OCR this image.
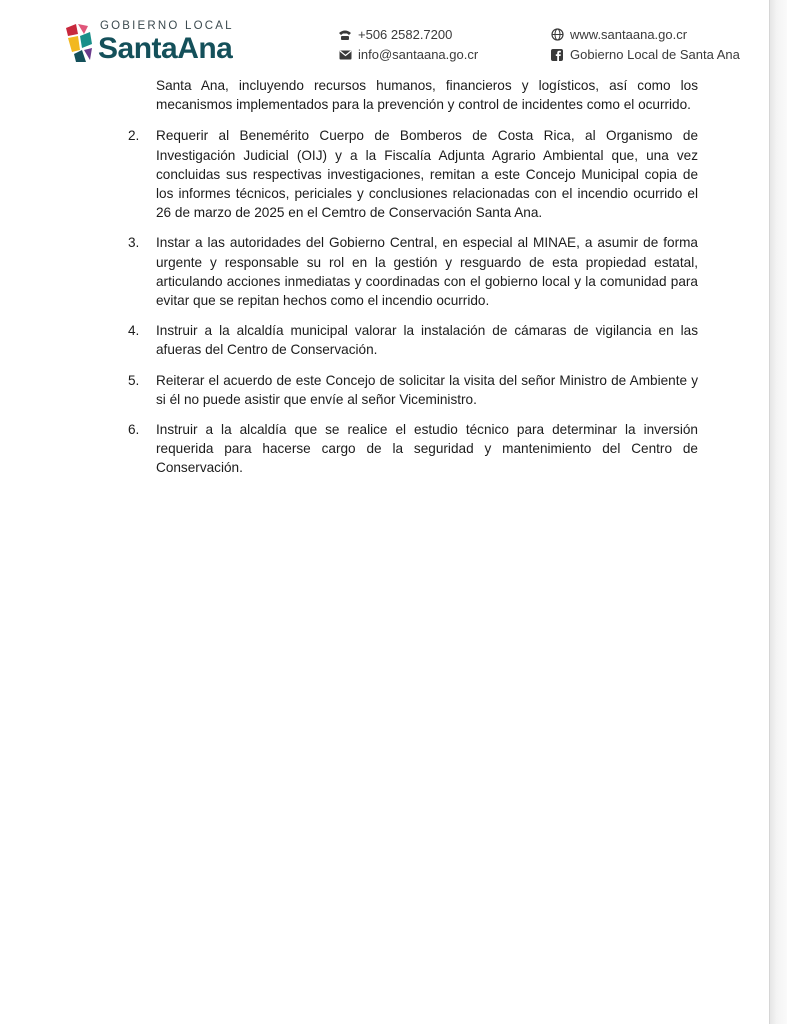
GOBIERNO LOCAL
SantaAna	+506 2582.7200
info@santaana.go.cr
www.santaana.go.cr
Gobierno Local de Santa Ana

Santa Ana, incluyendo recursos humanos, financieros y logísticos, así como los mecanismos implementados para la prevención y control de incidentes como el ocurrido.

2.	Requerir al Benemérito Cuerpo de Bomberos de Costa Rica, al Organismo de Investigación Judicial (OIJ) y a la Fiscalía Adjunta Agrario Ambiental que, una vez concluidas sus respectivas investigaciones, remitan a este Concejo Municipal copia de los informes técnicos, periciales y conclusiones relacionadas con el incendio ocurrido el 26 de marzo de 2025 en el Cemtro de Conservación Santa Ana.

3.	Instar a las autoridades del Gobierno Central, en especial al MINAE, a asumir de forma urgente y responsable su rol en la gestión y resguardo de esta propiedad estatal, articulando acciones inmediatas y coordinadas con el gobierno local y la comunidad para evitar que se repitan hechos como el incendio ocurrido.

4.	Instruir a la alcaldía municipal valorar la instalación de cámaras de vigilancia en las afueras del Centro de Conservación.

5.	Reiterar el acuerdo de este Concejo de solicitar la visita del señor Ministro de Ambiente y si él no puede asistir que envíe al señor Viceministro.

6.	Instruir a la alcaldía que se realice el estudio técnico para determinar la inversión requerida para hacerse cargo de la seguridad y mantenimiento del Centro de Conservación.
